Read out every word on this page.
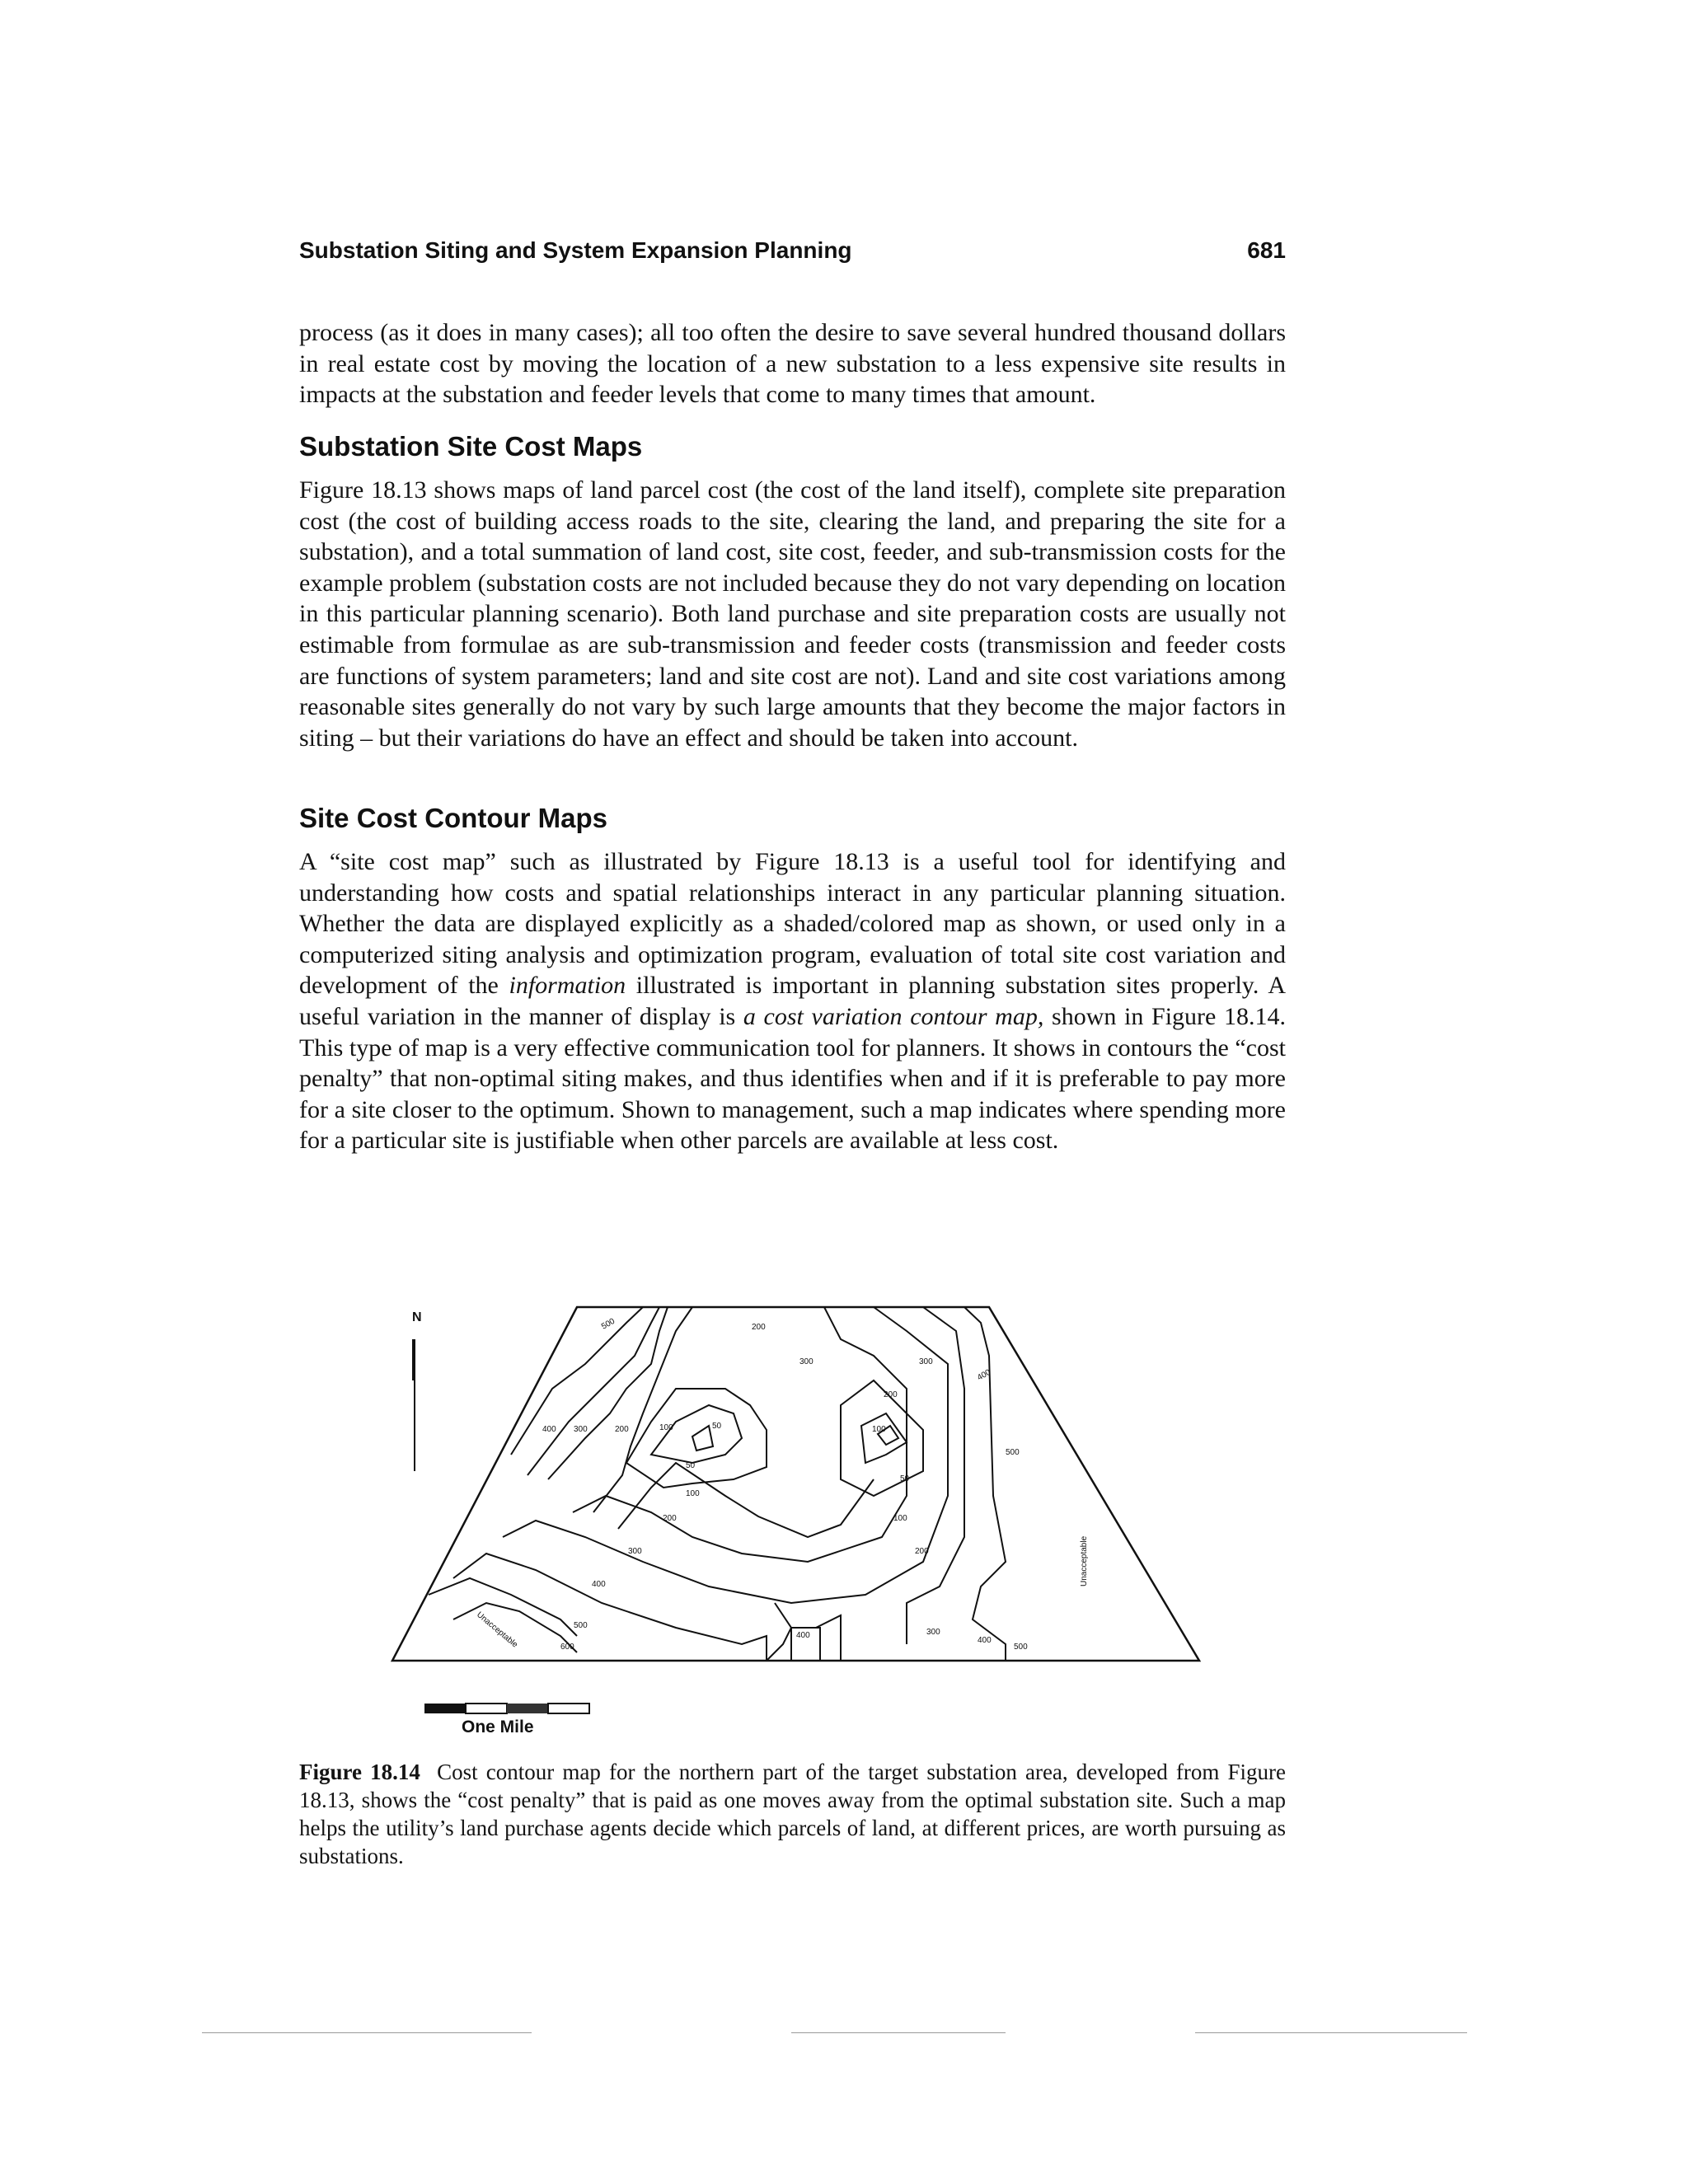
Substation Siting and System Expansion Planning	681

process (as it does in many cases); all too often the desire to save several hundred thousand dollars in real estate cost by moving the location of a new substation to a less expensive site results in impacts at the substation and feeder levels that come to many times that amount.

Substation Site Cost Maps

Figure 18.13 shows maps of land parcel cost (the cost of the land itself), complete site preparation cost (the cost of building access roads to the site, clearing the land, and preparing the site for a substation), and a total summation of land cost, site cost, feeder, and sub-transmission costs for the example problem (substation costs are not included because they do not vary depending on location in this particular planning scenario). Both land purchase and site preparation costs are usually not estimable from formulae as are sub-transmission and feeder costs (transmission and feeder costs are functions of system parameters; land and site cost are not). Land and site cost variations among reasonable sites generally do not vary by such large amounts that they become the major factors in siting – but their variations do have an effect and should be taken into account.

Site Cost Contour Maps

A “site cost map” such as illustrated by Figure 18.13 is a useful tool for identifying and understanding how costs and spatial relationships interact in any particular planning situation. Whether the data are displayed explicitly as a shaded/colored map as shown, or used only in a computerized siting analysis and optimization program, evaluation of total site cost variation and development of the information illustrated is important in planning substation sites properly. A useful variation in the manner of display is a cost variation contour map, shown in Figure 18.14. This type of map is a very effective communication tool for planners. It shows in contours the “cost penalty” that non-optimal siting makes, and thus identifies when and if it is preferable to pay more for a site closer to the optimum. Shown to management, such a map indicates where spending more for a particular site is justifiable when other parcels are available at less cost.

N	500	200
300	300
400
200
100
400 300	200	100	50
50
100
200
50
500
100
300	200
400
500
600
400	300
400
500
Unacceptable
Unacceptable
One Mile

Figure 18.14 Cost contour map for the northern part of the target substation area, developed from Figure 18.13, shows the “cost penalty” that is paid as one moves away from the optimal substation site. Such a map helps the utility’s land purchase agents decide which parcels of land, at different prices, are worth pursuing as substations.
